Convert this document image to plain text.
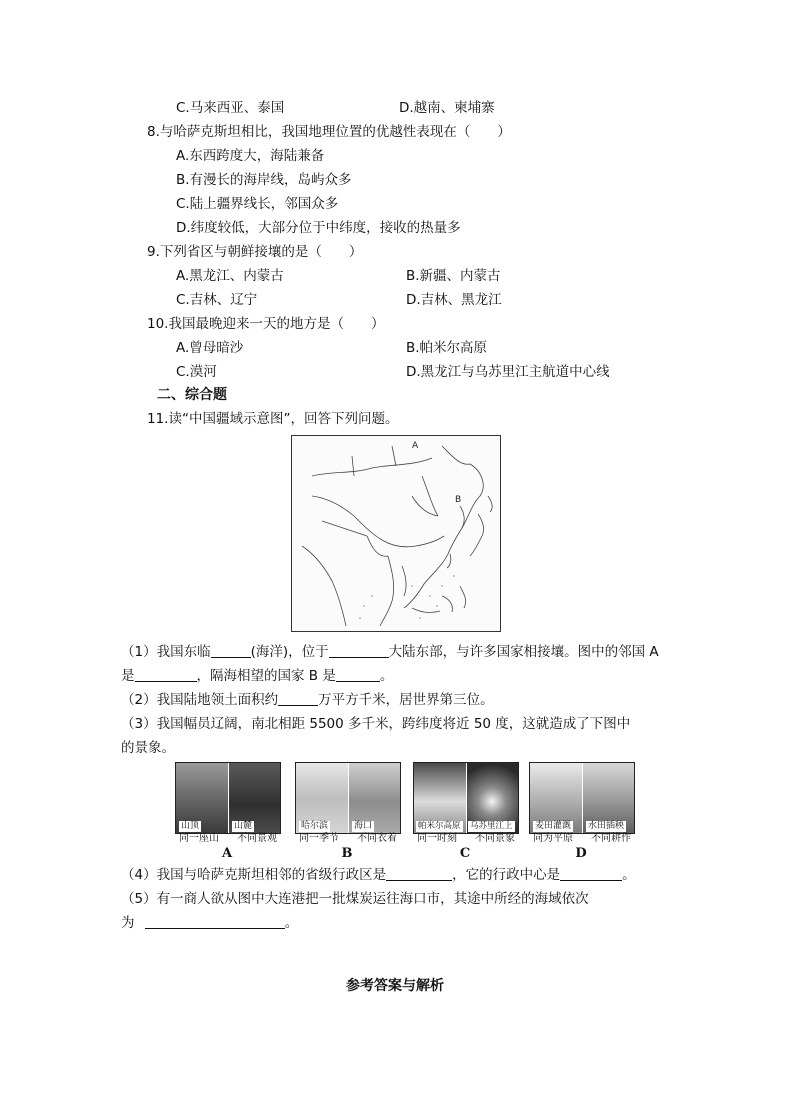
C.马来西亚、泰国	D.越南、柬埔寨
8.与哈萨克斯坦相比，我国地理位置的优越性表现在（　　）
A.东西跨度大，海陆兼备
B.有漫长的海岸线，岛屿众多
C.陆上疆界线长，邻国众多
D.纬度较低，大部分位于中纬度，接收的热量多
9.下列省区与朝鲜接壤的是（　　）
A.黑龙江、内蒙古	B.新疆、内蒙古
C.吉林、辽宁	D.吉林、黑龙江
10.我国最晚迎来一天的地方是（　　）
A.曾母暗沙	B.帕米尔高原
C.漠河	D.黑龙江与乌苏里江主航道中心线
二、综合题
11.读“中国疆域示意图”，回答下列问题。
A
B
（1）我国东临	(海洋)，位于	大陆东部，与许多国家相接壤。图中的邻国 A
是	，隔海相望的国家 B 是	。
（2）我国陆地领土面积约	万平方千米，居世界第三位。
（3）我国幅员辽阔，南北相距 5500 多千米，跨纬度将近 50 度，这就造成了下图中
的景象。
山顶	山麓
同一座山 不同景观
A
哈尔滨	海口
同一季节 不同衣着
B
帕米尔高原 乌苏里江上
同一时刻 不同景象
C
麦田灌溉 水田插秧
同为平原 不同耕作
D
（4）我国与哈萨克斯坦相邻的省级行政区是	，它的行政中心是	。
（5）有一商人欲从图中大连港把一批煤炭运往海口市，其途中所经的海域依次
为	。
参考答案与解析
